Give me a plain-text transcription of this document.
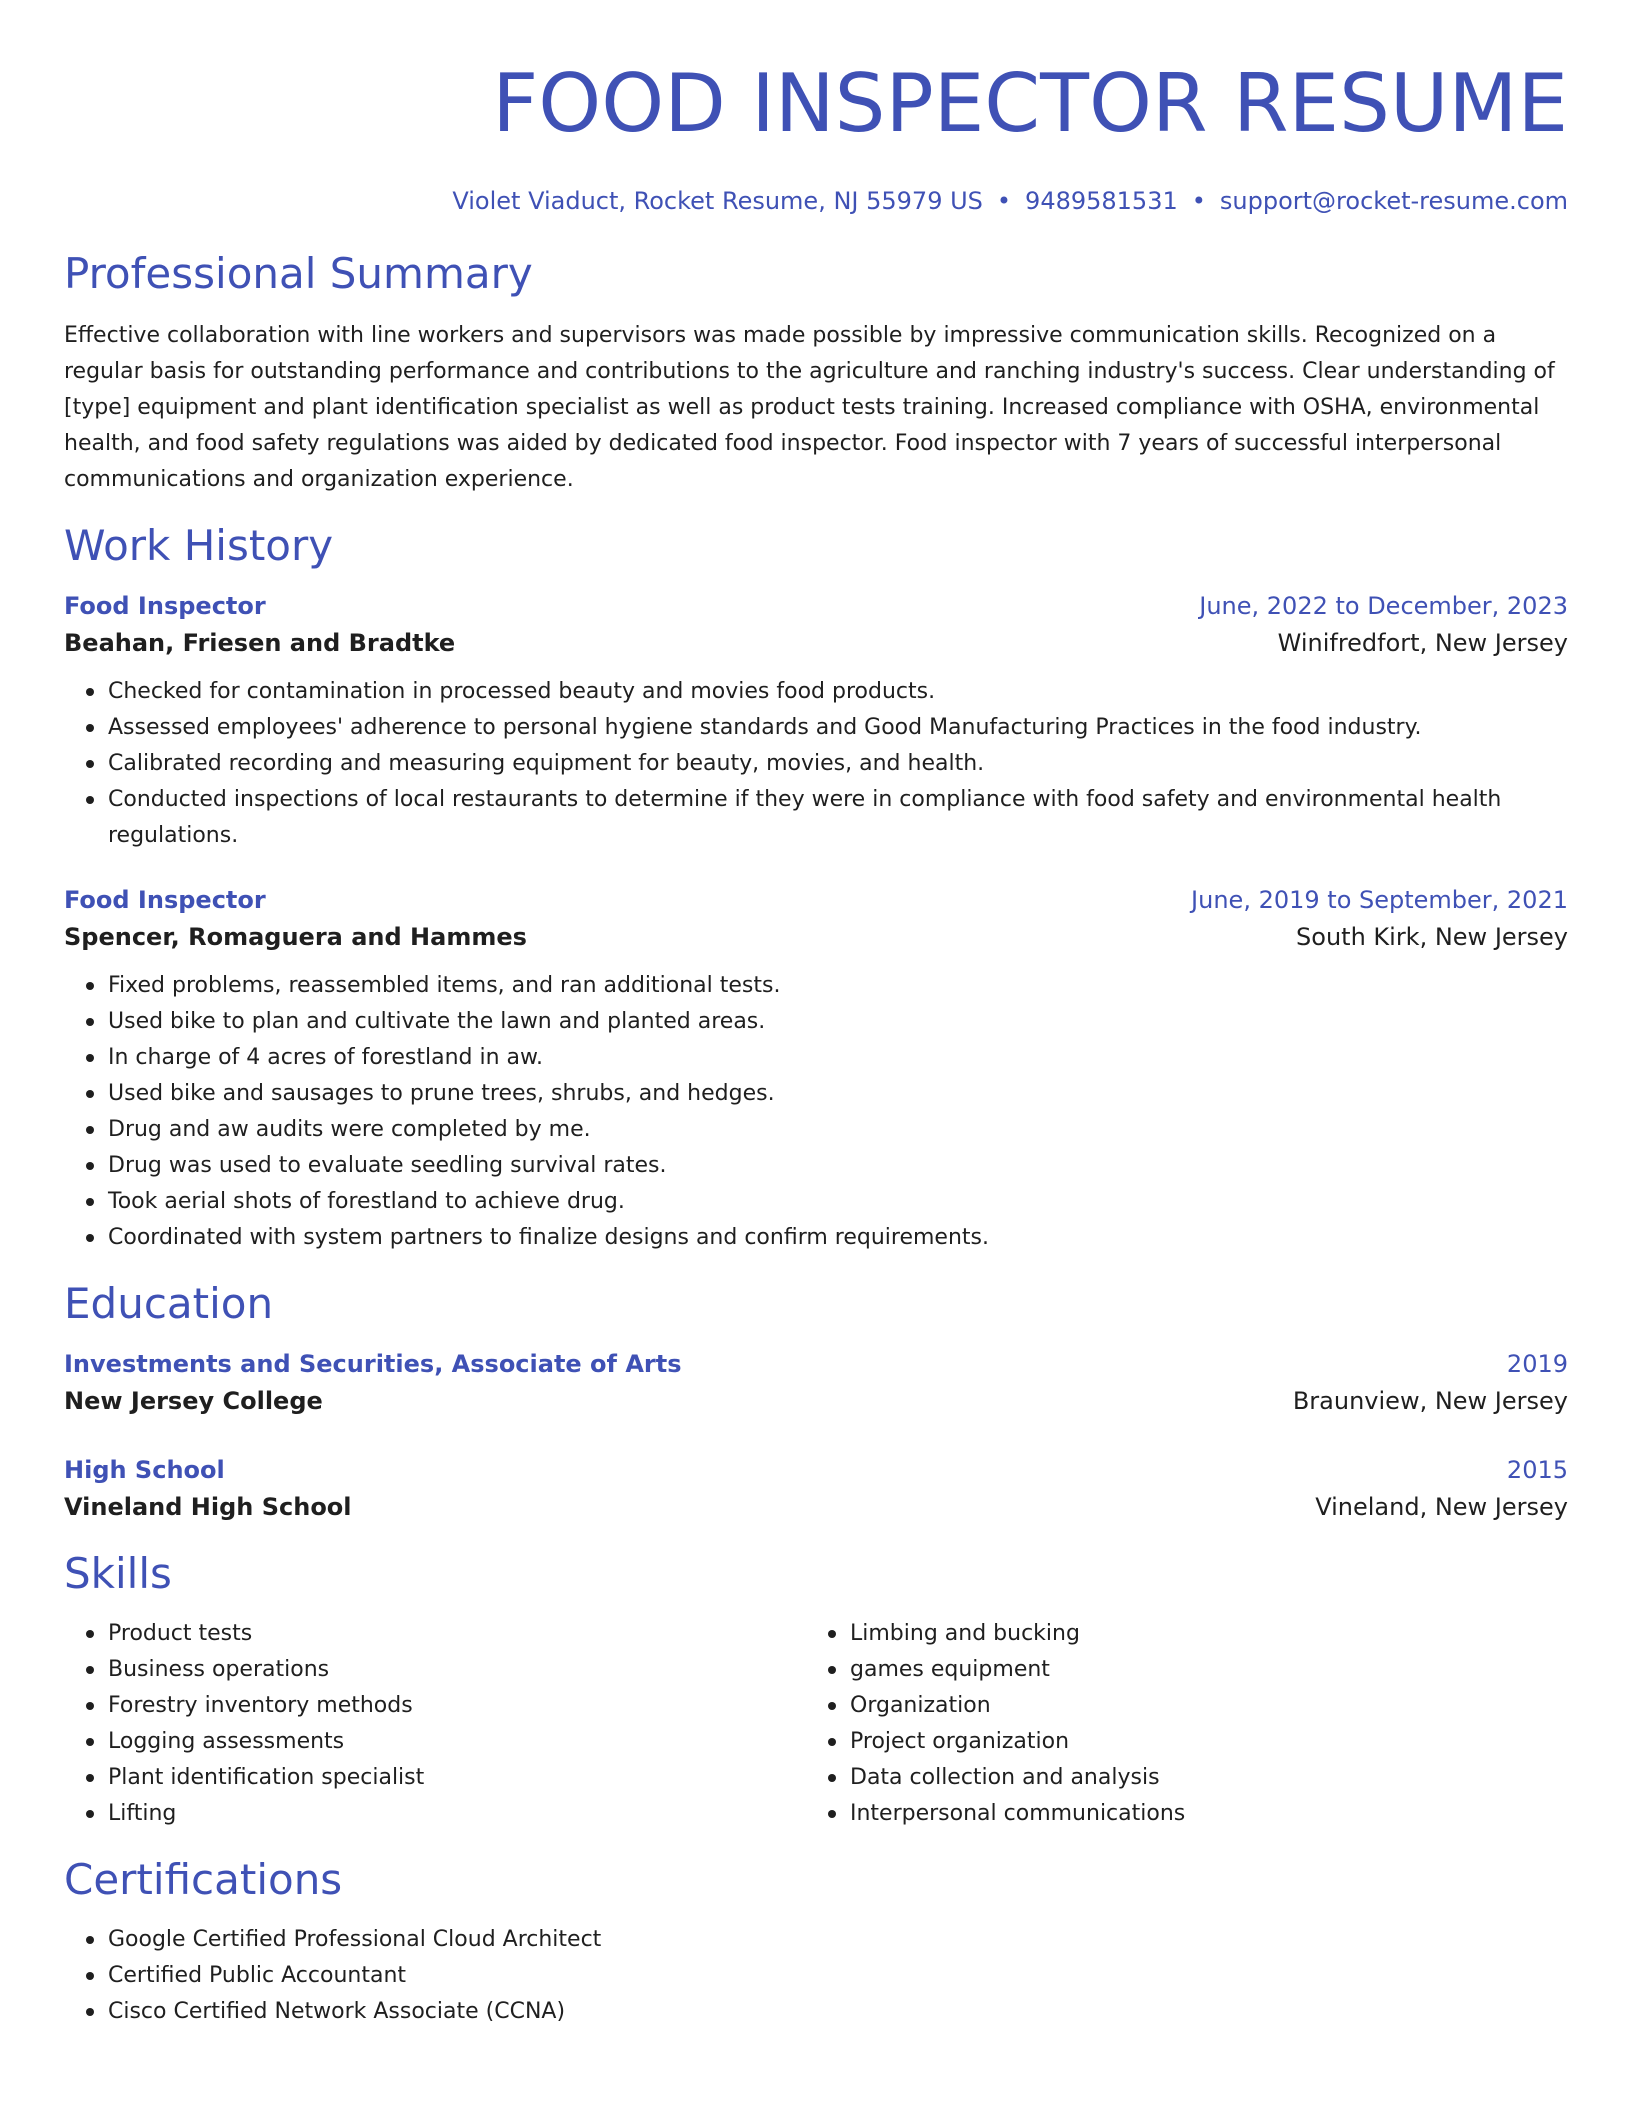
FOOD INSPECTOR RESUME
Violet Viaduct, Rocket Resume, NJ 55979 US • 9489581531 • support@rocket-resume.com
Professional Summary

Effective collaboration with line workers and supervisors was made possible by impressive communication skills. Recognized on a regular basis for outstanding performance and contributions to the agriculture and ranching industry's success. Clear understanding of [type] equipment and plant identification specialist as well as product tests training. Increased compliance with OSHA, environmental health, and food safety regulations was aided by dedicated food inspector. Food inspector with 7 years of successful interpersonal communications and organization experience.

Work History
Food Inspector	June, 2022 to December, 2023
Beahan, Friesen and Bradtke	Winifredfort, New Jersey
Checked for contamination in processed beauty and movies food products.
Assessed employees' adherence to personal hygiene standards and Good Manufacturing Practices in the food industry.
Calibrated recording and measuring equipment for beauty, movies, and health.
Conducted inspections of local restaurants to determine if they were in compliance with food safety and environmental health regulations.
Food Inspector	June, 2019 to September, 2021
Spencer, Romaguera and Hammes	South Kirk, New Jersey
Fixed problems, reassembled items, and ran additional tests.
Used bike to plan and cultivate the lawn and planted areas.
In charge of 4 acres of forestland in aw.
Used bike and sausages to prune trees, shrubs, and hedges.
Drug and aw audits were completed by me.
Drug was used to evaluate seedling survival rates.
Took aerial shots of forestland to achieve drug.
Coordinated with system partners to finalize designs and confirm requirements.
Education
Investments and Securities, Associate of Arts	2019
New Jersey College	Braunview, New Jersey
High School	2015
Vineland High School	Vineland, New Jersey
Skills
Product tests
Business operations
Forestry inventory methods
Logging assessments
Plant identification specialist
Lifting
Limbing and bucking
games equipment
Organization
Project organization
Data collection and analysis
Interpersonal communications
Certifications
Google Certified Professional Cloud Architect
Certified Public Accountant
Cisco Certified Network Associate (CCNA)
